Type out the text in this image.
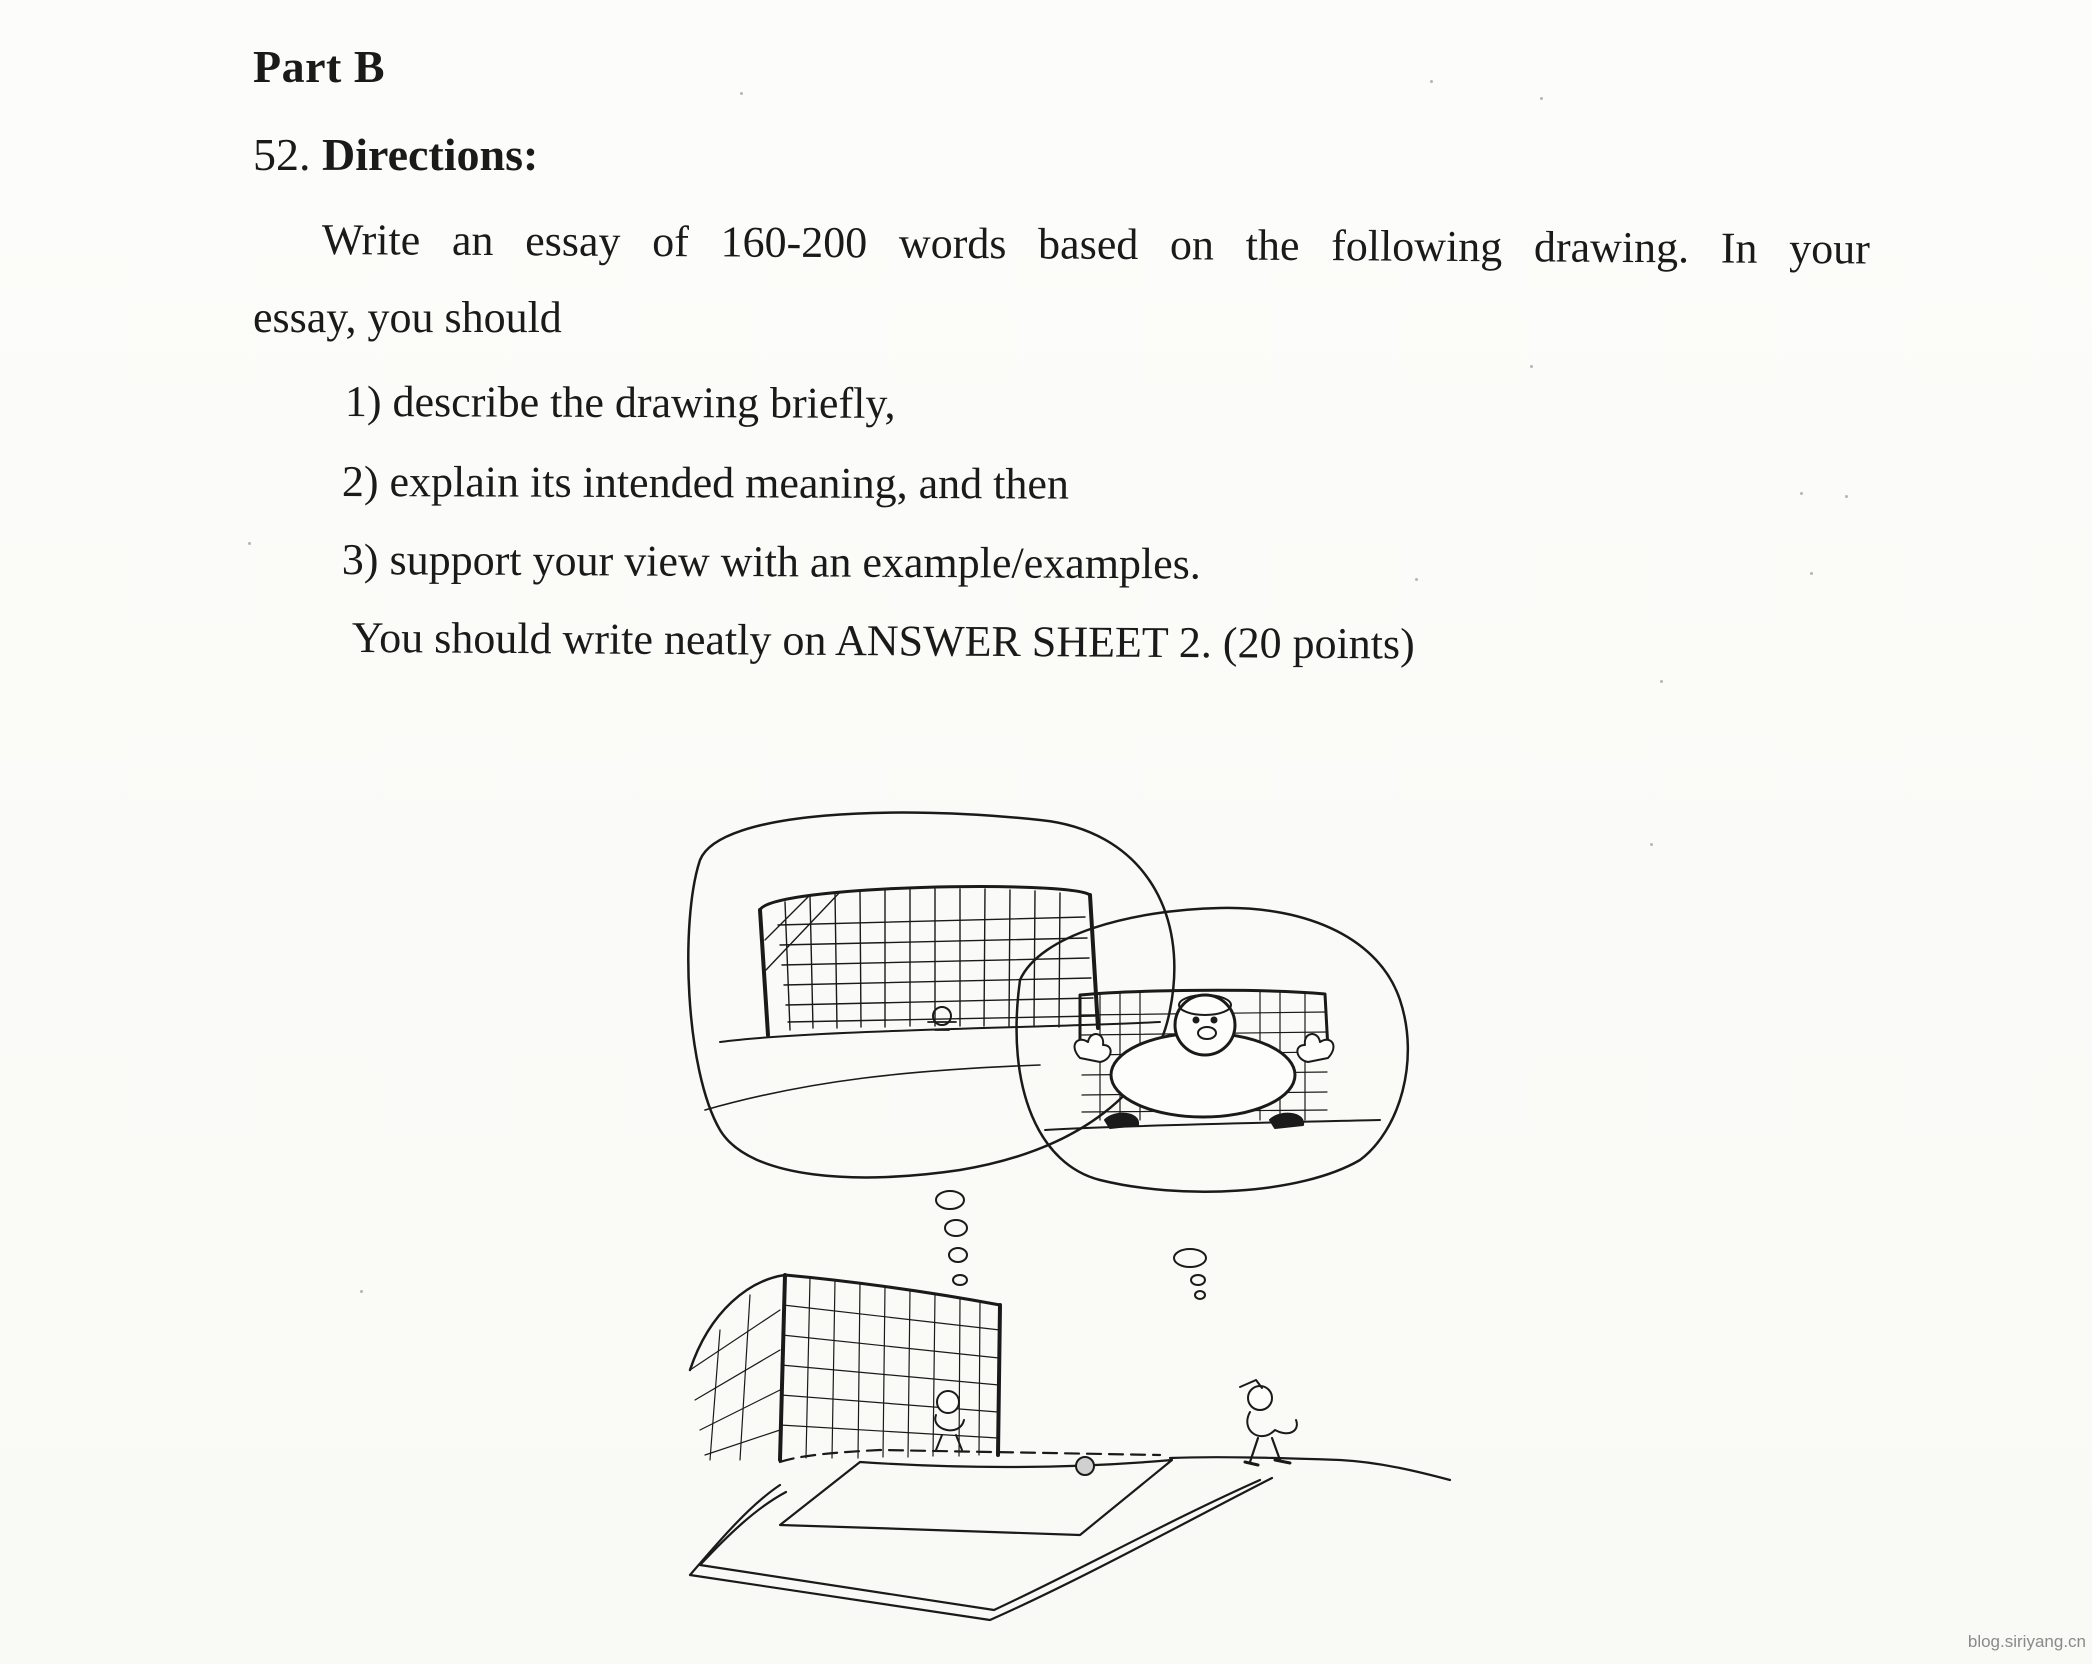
Part B
52. Directions:
Write an essay of 160-200 words based on the following drawing. In your
essay, you should
1) describe the drawing briefly,
2) explain its intended meaning, and then
3) support your view with an example/examples.
You should write neatly on ANSWER SHEET 2. (20 points)
blog.siriyang.cn
